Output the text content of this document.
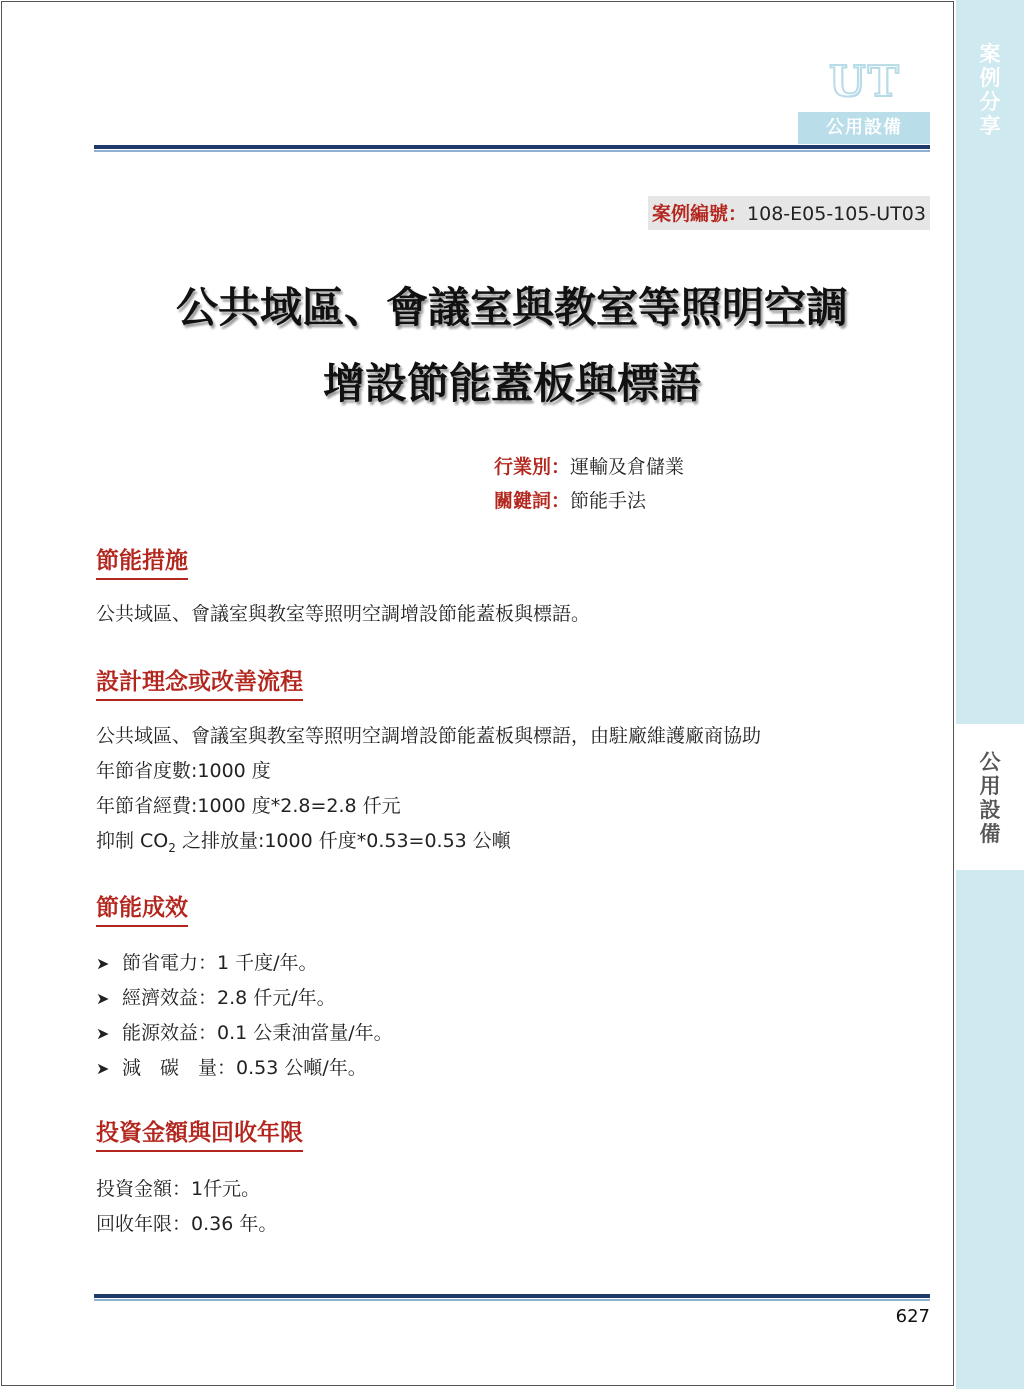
案
例
分
享
公
用
設
備
UT
公用設備
案例編號：108-E05-105-UT03
公共域區、會議室與教室等照明空調
增設節能蓋板與標語
行業別：運輸及倉儲業
關鍵詞：節能手法
節能措施
公共域區、會議室與教室等照明空調增設節能蓋板與標語。
設計理念或改善流程
公共域區、會議室與教室等照明空調增設節能蓋板與標語，由駐廠維護廠商協助
年節省度數:1000 度
年節省經費:1000 度*2.8=2.8 仟元
抑制 $CO_2$ 之排放量:1000 仟度*0.53=0.53 公噸
節能成效
➤ 節省電力：1 千度/年。
➤ 經濟效益：2.8 仟元/年。
➤ 能源效益：0.1 公秉油當量/年。
➤ 減　碳　量：0.53 公噸/年。
投資金額與回收年限
投資金額：1仟元。
回收年限：0.36 年。
627
